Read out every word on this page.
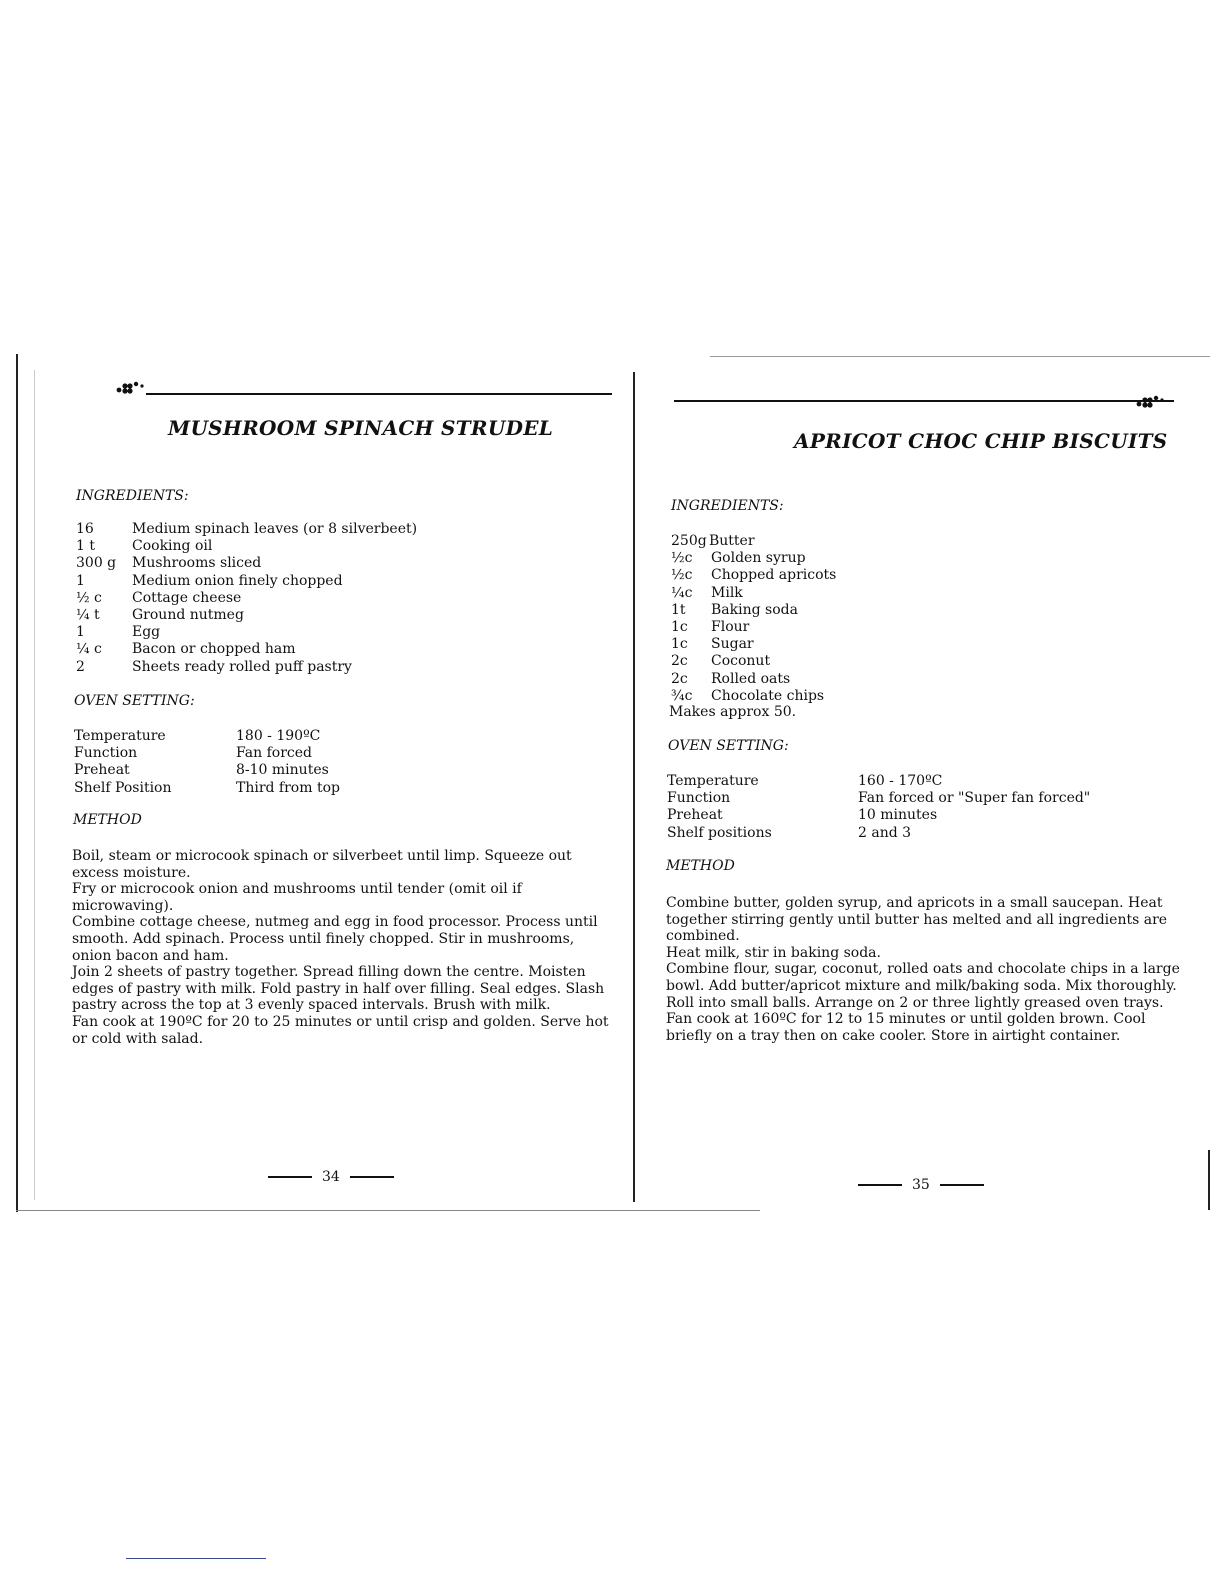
MUSHROOM SPINACH STRUDEL

INGREDIENTS:

16	Medium spinach leaves (or 8 silverbeet)
1 t	Cooking oil
300 g Mushrooms sliced
1	Medium onion finely chopped
½ c Cottage cheese
¼ t Ground nutmeg
1	Egg
¼ c Bacon or chopped ham
2	Sheets ready rolled puff pastry

OVEN SETTING:

Temperature	180 - 190ºC
Function	Fan forced
Preheat	8-10 minutes
Shelf Position	Third from top

METHOD

Boil, steam or microcook spinach or silverbeet until limp. Squeeze out excess moisture.
Fry or microcook onion and mushrooms until tender (omit oil if microwaving).
Combine cottage cheese, nutmeg and egg in food processor. Process until smooth. Add spinach. Process until finely chopped. Stir in mushrooms, onion bacon and ham.
Join 2 sheets of pastry together. Spread filling down the centre. Moisten edges of pastry with milk. Fold pastry in half over filling. Seal edges. Slash pastry across the top at 3 evenly spaced intervals. Brush with milk.
Fan cook at 190ºC for 20 to 25 minutes or until crisp and golden. Serve hot or cold with salad.
34
APRICOT CHOC CHIP BISCUITS

INGREDIENTS:

250g Butter
½c Golden syrup
½c Chopped apricots
¼c Milk
1t Baking soda
1c Flour
1c Sugar
2c Coconut
2c Rolled oats
¾c Chocolate chips
Makes approx 50.

OVEN SETTING:

Temperature	160 - 170ºC
Function	Fan forced or "Super fan forced"
Preheat	10 minutes
Shelf positions	2 and 3

METHOD

Combine butter, golden syrup, and apricots in a small saucepan. Heat together stirring gently until butter has melted and all ingredients are combined.
Heat milk, stir in baking soda.
Combine flour, sugar, coconut, rolled oats and chocolate chips in a large bowl. Add butter/apricot mixture and milk/baking soda. Mix thoroughly. Roll into small balls. Arrange on 2 or three lightly greased oven trays. Fan cook at 160ºC for 12 to 15 minutes or until golden brown. Cool briefly on a tray then on cake cooler. Store in airtight container.
35
